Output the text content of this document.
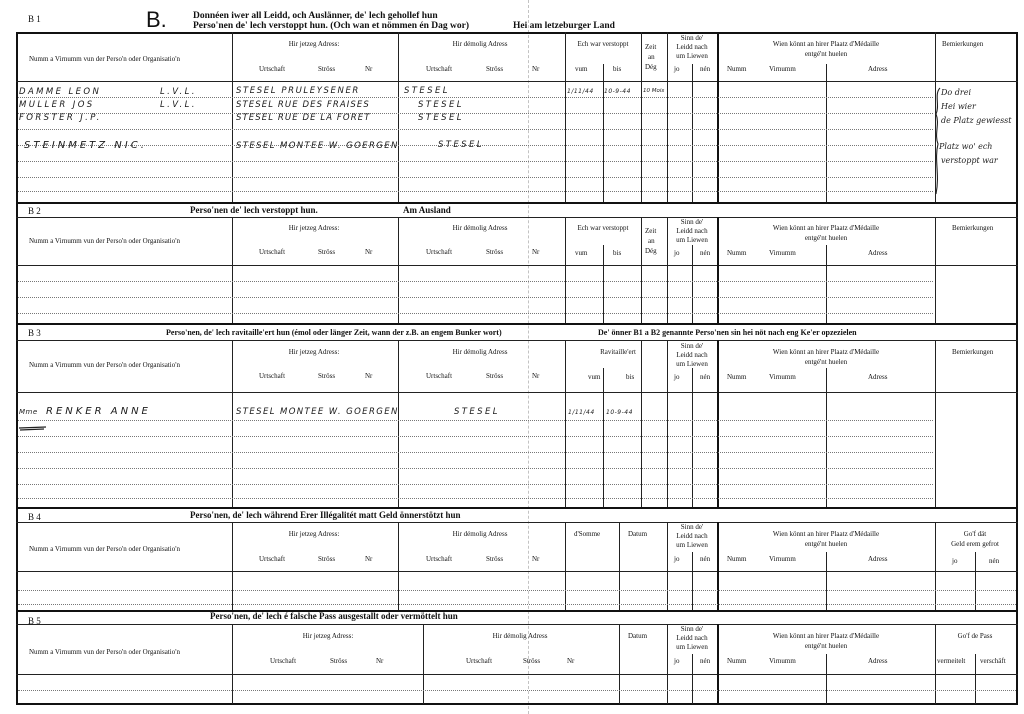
B 1	B.	Donnéen iwer all Leidd, och Auslänner, de' lech gehollef hun
Perso'nen de' lech verstoppt hun. (Och wan et nömmen én Dag wor)	Hei am letzeburger Land
Numm a Virnumm vun der Perso'n oder Organisatio'n
Hir jetzeg Adress:
Urtschaft	Ströss	Nr
Hir démolig Adress
Urtschaft	Ströss	Nr
Ech war verstoppt
vum	bis
Zeit
an
Dég
Sinn de'
Leidd nach
um Liewen
jo	nén
Wien könnt an hirer Plaatz d'Médaille
entgé'nt huelen
Numm	Virnumm	Adress
Bemierkungen
DAMME LEON	L.V.L.	STESEL PRULEYSENER	STESEL	1/11/44 10-9-44 10 Mois
MULLER JOS	L.V.L.	STESEL RUE DES FRAISES	STESEL
FORSTER J.P.	STESEL RUE DE LA FORET	STESEL
STEINMETZ NIC.	STESEL MONTEE W. GOERGEN	STESEL
Do drei
Hei wier
de Platz gewiesst
Platz wo' ech
verstoppt war
B 2	Perso'nen de' lech verstoppt hun.	Am Ausland
Numm a Virnumm vun der Perso'n oder Organisatio'n
Hir jetzeg Adress:
Urtschaft	Ströss	Nr
Hir démolig Adress
Urtschaft	Ströss	Nr
Ech war verstoppt
vum	bis
Zeit
an
Dég
Sinn de'
Leidd nach
um Liewen
jo	nén
Wien könnt an hirer Plaatz d'Médaille
entgé'nt huelen
Numm	Virnumm	Adress
Bemierkungen
B 3	Perso'nen, de' lech ravitaille'ert hun (émol oder länger Zeit, wann der z.B. an engem Bunker wort)	De' önner B1 a B2 genannte Perso'nen sin hei nöt nach eng Ke'er opzezielen
Numm a Virnumm vun der Perso'n oder Organisatio'n
Hir jetzeg Adress:
Urtschaft	Ströss	Nr
Hir démolig Adress
Urtschaft	Ströss	Nr
Ravitaille'ert
vum	bis
Sinn de'
Leidd nach
um Liewen
jo	nén
Wien könnt an hirer Plaatz d'Médaille
entgé'nt huelen
Numm	Virnumm	Adress
Bemierkungen
Mme RENKER ANNE	STESEL MONTEE W. GOERGEN	STESEL	1/11/44 10-9-44
B 4	Perso'nen, de' lech während Erer Illégalitét matt Geld önnerstötzt hun
Numm a Virnumm vun der Perso'n oder Organisatio'n
Hir jetzeg Adress:
Urtschaft	Ströss	Nr
Hir démolig Adress
Urtschaft	Ströss	Nr
d'Somme	Datum
Sinn de'
Leidd nach
um Liewen
jo	nén
Wien könnt an hirer Plaatz d'Médaille
entgé'nt huelen
Numm	Virnumm	Adress
Go'f dät
Geld erem gefrot
jo	nén
B 5	Perso'nen, de' lech é falsche Pass ausgestallt oder vermöttelt hun
Numm a Virnumm vun der Perso'n oder Organisatio'n
Hir jetzeg Adress:
Urtschaft	Ströss	Nr
Hir démolig Adress
Urtschaft	Ströss	Nr
Datum
Sinn de'
Leidd nach
um Liewen
jo	nén
Wien könnt an hirer Plaatz d'Médaille
entgé'nt huelen
Numm	Virnumm	Adress
Go'f de Pass
vermeitelt verschäft
